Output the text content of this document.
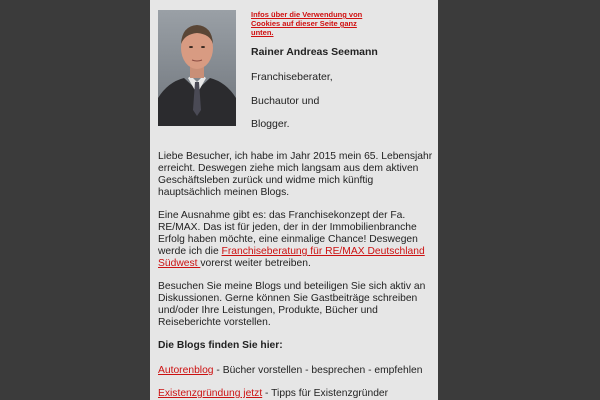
Infos über die Verwendung von Cookies auf dieser Seite ganz unten.
Rainer Andreas Seemann
Franchiseberater,
Buchautor und
Blogger.

Liebe Besucher, ich habe im Jahr 2015 mein 65. Lebensjahr erreicht. Deswegen ziehe mich langsam aus dem aktiven Geschäftsleben zurück und widme mich künftig hauptsächlich meinen Blogs.

Eine Ausnahme gibt es: das Franchisekonzept der Fa. RE/MAX. Das ist für jeden, der in der Immobilienbranche Erfolg haben möchte, eine einmalige Chance! Deswegen werde ich die Franchiseberatung für RE/MAX Deutschland Südwest vorerst weiter betreiben.

Besuchen Sie meine Blogs und beteiligen Sie sich aktiv an Diskussionen. Gerne können Sie Gastbeiträge schreiben und/oder Ihre Leistungen, Produkte, Bücher und Reiseberichte vorstellen.

Die Blogs finden Sie hier:

Autorenblog - Bücher vorstellen - besprechen - empfehlen

Existenzgründung jetzt - Tipps für Existenzgründer
